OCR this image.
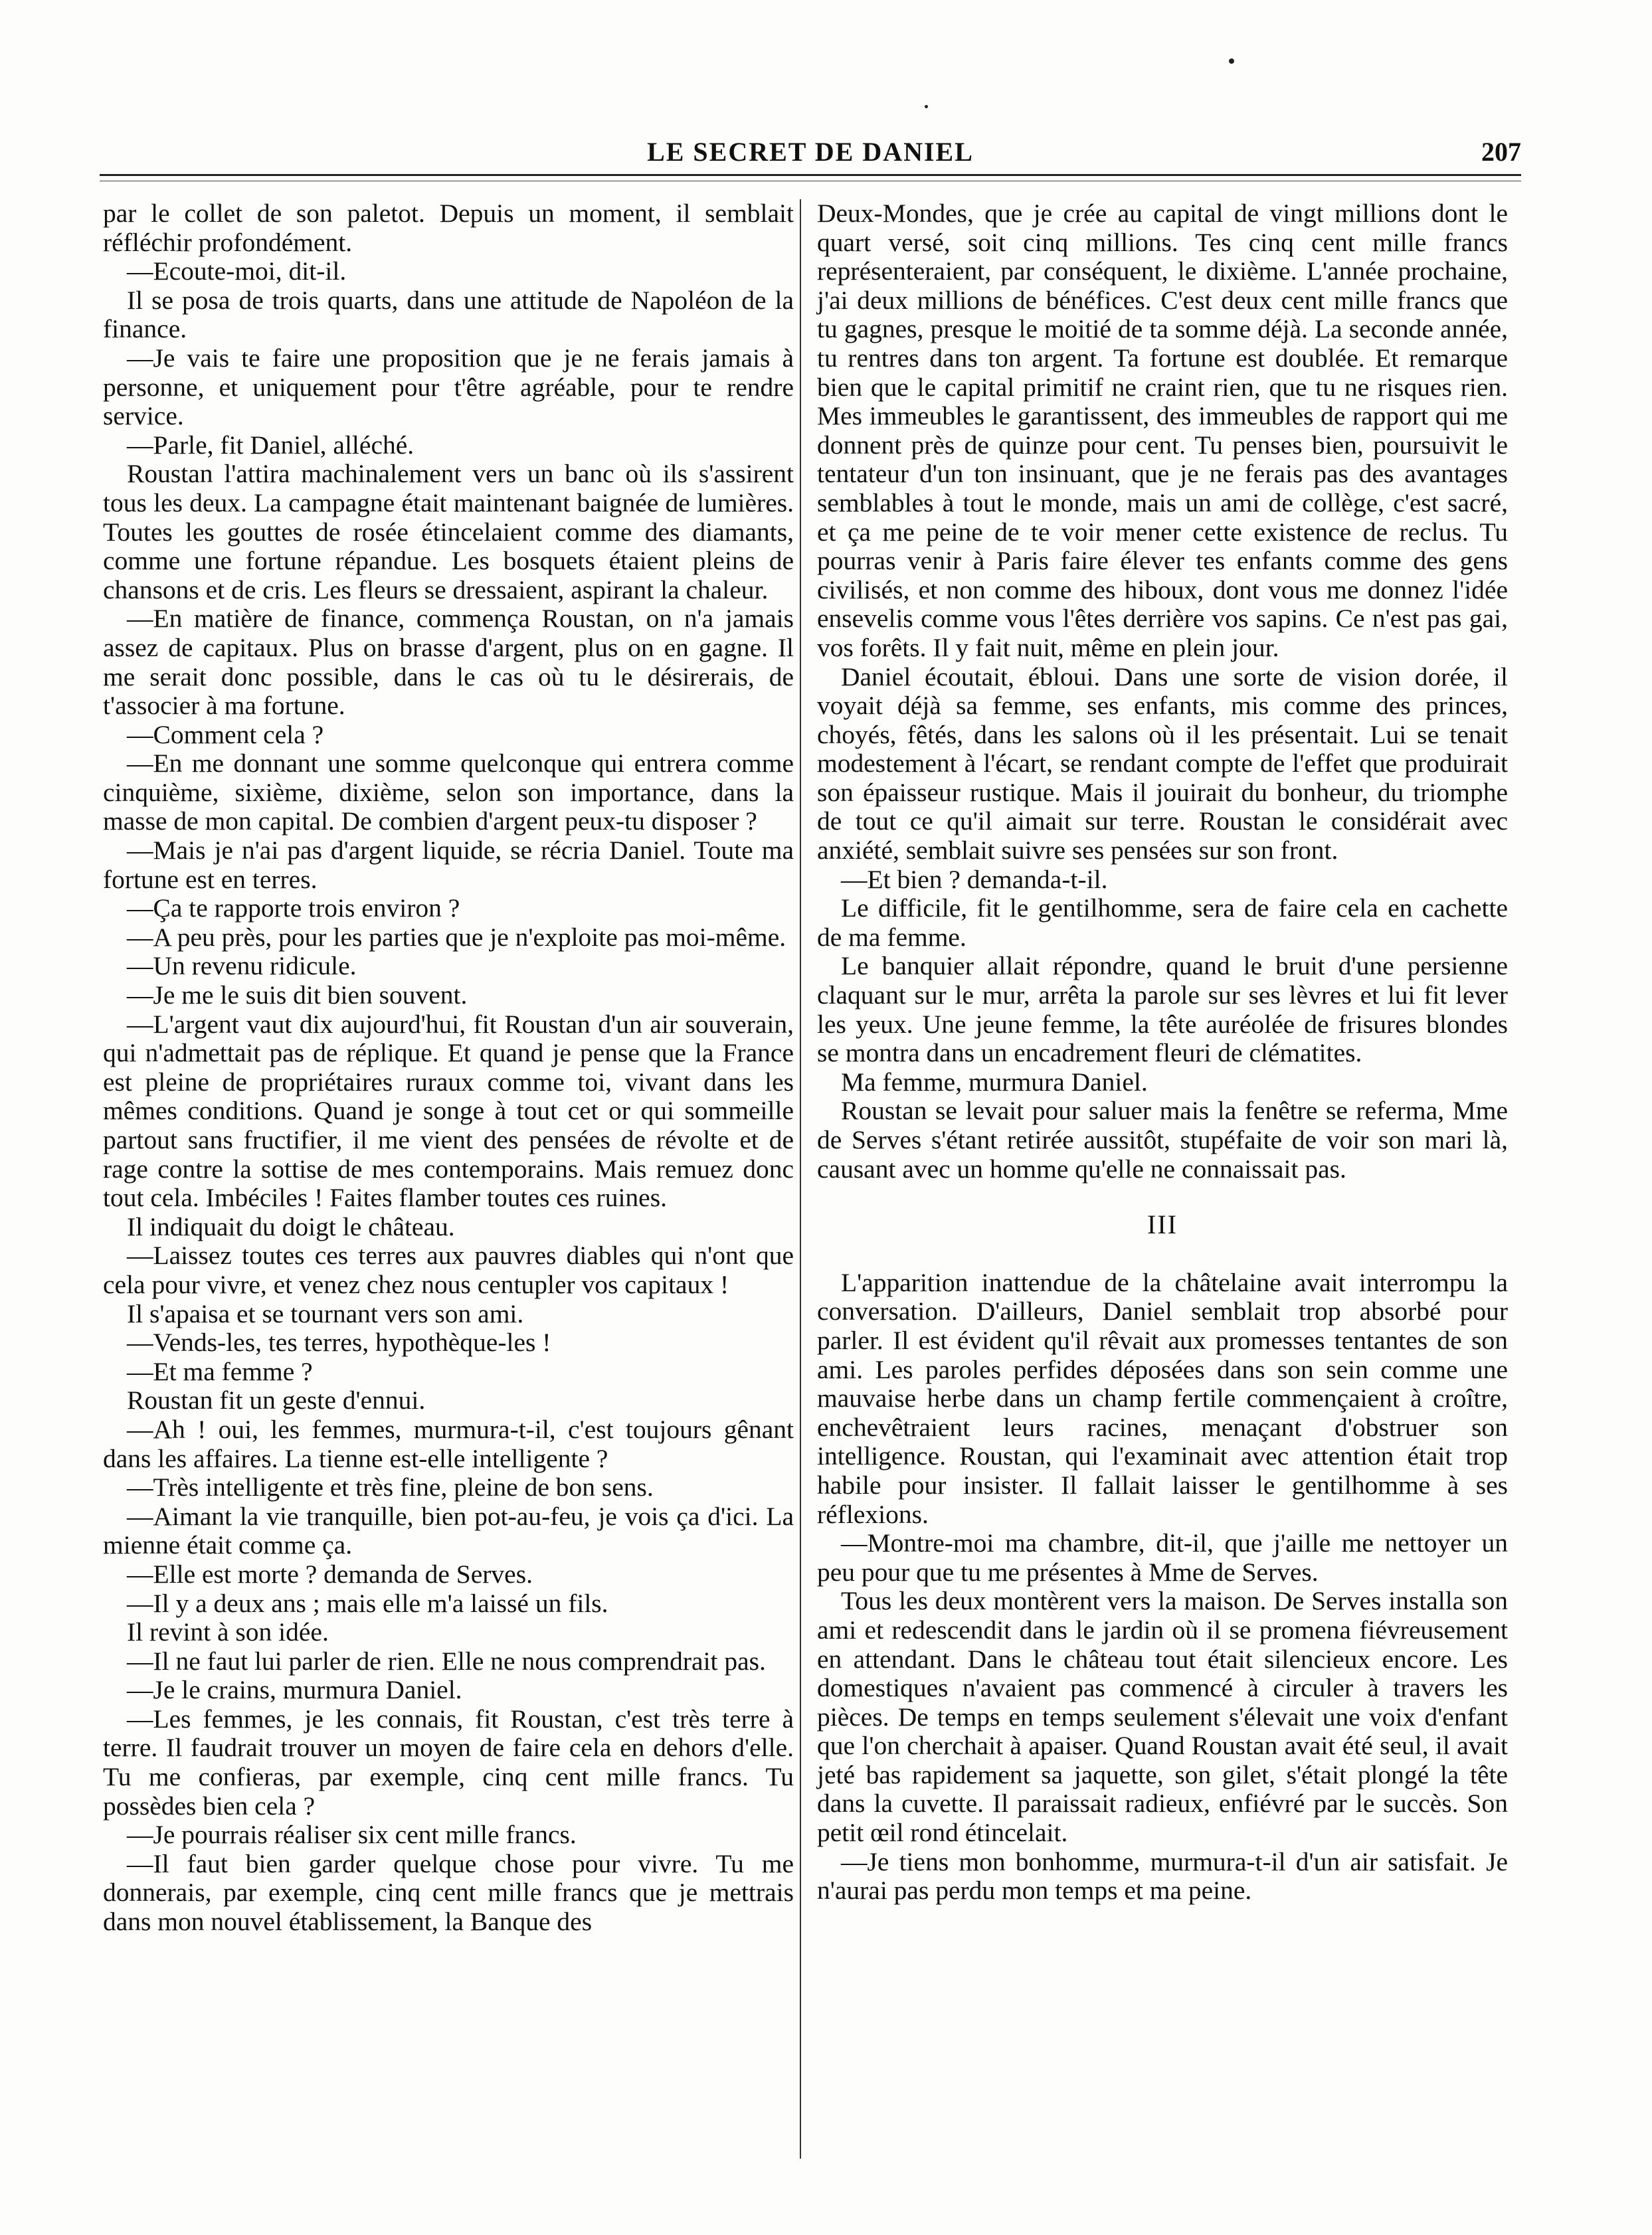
LE SECRET DE DANIEL	207

par le collet de son paletot. Depuis un moment, il semblait réfléchir profondément.

—Ecoute-moi, dit-il.

Il se posa de trois quarts, dans une attitude de Napoléon de la finance.

—Je vais te faire une proposition que je ne ferais jamais à personne, et uniquement pour t'être agréable, pour te rendre service.

—Parle, fit Daniel, alléché.

Roustan l'attira machinalement vers un banc où ils s'assirent tous les deux. La campagne était maintenant baignée de lumières. Toutes les gouttes de rosée étincelaient comme des diamants, comme une fortune répandue. Les bosquets étaient pleins de chansons et de cris. Les fleurs se dressaient, aspirant la chaleur.

—En matière de finance, commença Roustan, on n'a jamais assez de capitaux. Plus on brasse d'argent, plus on en gagne. Il me serait donc possible, dans le cas où tu le désirerais, de t'associer à ma fortune.

—Comment cela ?

—En me donnant une somme quelconque qui entrera comme cinquième, sixième, dixième, selon son importance, dans la masse de mon capital. De combien d'argent peux-tu disposer ?

—Mais je n'ai pas d'argent liquide, se récria Daniel. Toute ma fortune est en terres.

—Ça te rapporte trois environ ?

—A peu près, pour les parties que je n'exploite pas moi-même.

—Un revenu ridicule.

—Je me le suis dit bien souvent.

—L'argent vaut dix aujourd'hui, fit Roustan d'un air souverain, qui n'admettait pas de réplique. Et quand je pense que la France est pleine de propriétaires ruraux comme toi, vivant dans les mêmes conditions. Quand je songe à tout cet or qui sommeille partout sans fructifier, il me vient des pensées de révolte et de rage contre la sottise de mes contemporains. Mais remuez donc tout cela. Imbéciles ! Faites flamber toutes ces ruines.

Il indiquait du doigt le château.

—Laissez toutes ces terres aux pauvres diables qui n'ont que cela pour vivre, et venez chez nous centupler vos capitaux !

Il s'apaisa et se tournant vers son ami.

—Vends-les, tes terres, hypothèque-les !

—Et ma femme ?

Roustan fit un geste d'ennui.

—Ah ! oui, les femmes, murmura-t-il, c'est toujours gênant dans les affaires. La tienne est-elle intelligente ?

—Très intelligente et très fine, pleine de bon sens.

—Aimant la vie tranquille, bien pot-au-feu, je vois ça d'ici. La mienne était comme ça.

—Elle est morte ? demanda de Serves.

—Il y a deux ans ; mais elle m'a laissé un fils.

Il revint à son idée.

—Il ne faut lui parler de rien. Elle ne nous comprendrait pas.

—Je le crains, murmura Daniel.

—Les femmes, je les connais, fit Roustan, c'est très terre à terre. Il faudrait trouver un moyen de faire cela en dehors d'elle. Tu me confieras, par exemple, cinq cent mille francs. Tu possèdes bien cela ?

—Je pourrais réaliser six cent mille francs.

—Il faut bien garder quelque chose pour vivre. Tu me donnerais, par exemple, cinq cent mille francs que je mettrais dans mon nouvel établissement, la Banque des

Deux-Mondes, que je crée au capital de vingt millions dont le quart versé, soit cinq millions. Tes cinq cent mille francs représenteraient, par conséquent, le dixième. L'année prochaine, j'ai deux millions de bénéfices. C'est deux cent mille francs que tu gagnes, presque le moitié de ta somme déjà. La seconde année, tu rentres dans ton argent. Ta fortune est doublée. Et remarque bien que le capital primitif ne craint rien, que tu ne risques rien. Mes immeubles le garantissent, des immeubles de rapport qui me donnent près de quinze pour cent. Tu penses bien, poursuivit le tentateur d'un ton insinuant, que je ne ferais pas des avantages semblables à tout le monde, mais un ami de collège, c'est sacré, et ça me peine de te voir mener cette existence de reclus. Tu pourras venir à Paris faire élever tes enfants comme des gens civilisés, et non comme des hiboux, dont vous me donnez l'idée ensevelis comme vous l'êtes derrière vos sapins. Ce n'est pas gai, vos forêts. Il y fait nuit, même en plein jour.

Daniel écoutait, ébloui. Dans une sorte de vision dorée, il voyait déjà sa femme, ses enfants, mis comme des princes, choyés, fêtés, dans les salons où il les présentait. Lui se tenait modestement à l'écart, se rendant compte de l'effet que produirait son épaisseur rustique. Mais il jouirait du bonheur, du triomphe de tout ce qu'il aimait sur terre. Roustan le considérait avec anxiété, semblait suivre ses pensées sur son front.

—Et bien ? demanda-t-il.

Le difficile, fit le gentilhomme, sera de faire cela en cachette de ma femme.

Le banquier allait répondre, quand le bruit d'une persienne claquant sur le mur, arrêta la parole sur ses lèvres et lui fit lever les yeux. Une jeune femme, la tête auréolée de frisures blondes se montra dans un encadrement fleuri de clématites.

Ma femme, murmura Daniel.

Roustan se levait pour saluer mais la fenêtre se referma, Mme de Serves s'étant retirée aussitôt, stupéfaite de voir son mari là, causant avec un homme qu'elle ne connaissait pas.

III

L'apparition inattendue de la châtelaine avait interrompu la conversation. D'ailleurs, Daniel semblait trop absorbé pour parler. Il est évident qu'il rêvait aux promesses tentantes de son ami. Les paroles perfides déposées dans son sein comme une mauvaise herbe dans un champ fertile commençaient à croître, enchevêtraient leurs racines, menaçant d'obstruer son intelligence. Roustan, qui l'examinait avec attention était trop habile pour insister. Il fallait laisser le gentilhomme à ses réflexions.

—Montre-moi ma chambre, dit-il, que j'aille me nettoyer un peu pour que tu me présentes à Mme de Serves.

Tous les deux montèrent vers la maison. De Serves installa son ami et redescendit dans le jardin où il se promena fiévreusement en attendant. Dans le château tout était silencieux encore. Les domestiques n'avaient pas commencé à circuler à travers les pièces. De temps en temps seulement s'élevait une voix d'enfant que l'on cherchait à apaiser. Quand Roustan avait été seul, il avait jeté bas rapidement sa jaquette, son gilet, s'était plongé la tête dans la cuvette. Il paraissait radieux, enfiévré par le succès. Son petit œil rond étincelait.

—Je tiens mon bonhomme, murmura-t-il d'un air satisfait. Je n'aurai pas perdu mon temps et ma peine.
